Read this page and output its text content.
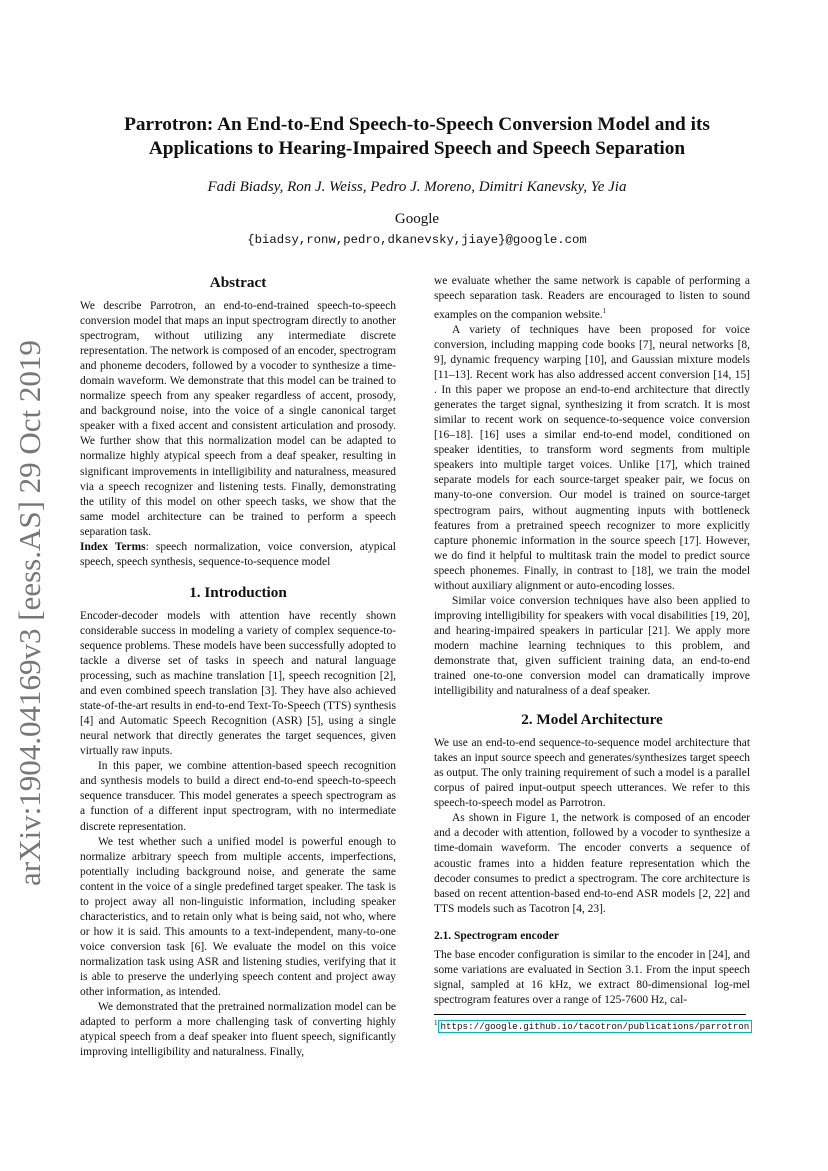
arXiv:1904.04169v3 [eess.AS] 29 Oct 2019
Parrotron: An End-to-End Speech-to-Speech Conversion Model and its Applications to Hearing-Impaired Speech and Speech Separation
Fadi Biadsy, Ron J. Weiss, Pedro J. Moreno, Dimitri Kanevsky, Ye Jia
Google
{biadsy,ronw,pedro,dkanevsky,jiaye}@google.com
Abstract

We describe Parrotron, an end-to-end-trained speech-to-speech conversion model that maps an input spectrogram directly to another spectrogram, without utilizing any intermediate discrete representation. The network is composed of an encoder, spectrogram and phoneme decoders, followed by a vocoder to synthesize a time-domain waveform. We demonstrate that this model can be trained to normalize speech from any speaker regardless of accent, prosody, and background noise, into the voice of a single canonical target speaker with a fixed accent and consistent articulation and prosody. We further show that this normalization model can be adapted to normalize highly atypical speech from a deaf speaker, resulting in significant improvements in intelligibility and naturalness, measured via a speech recognizer and listening tests. Finally, demonstrating the utility of this model on other speech tasks, we show that the same model architecture can be trained to perform a speech separation task.

Index Terms: speech normalization, voice conversion, atypical speech, speech synthesis, sequence-to-sequence model

1. Introduction

Encoder-decoder models with attention have recently shown considerable success in modeling a variety of complex sequence-to-sequence problems. These models have been successfully adopted to tackle a diverse set of tasks in speech and natural language processing, such as machine translation [1], speech recognition [2], and even combined speech translation [3]. They have also achieved state-of-the-art results in end-to-end Text-To-Speech (TTS) synthesis [4] and Automatic Speech Recognition (ASR) [5], using a single neural network that directly generates the target sequences, given virtually raw inputs.

In this paper, we combine attention-based speech recognition and synthesis models to build a direct end-to-end speech-to-speech sequence transducer. This model generates a speech spectrogram as a function of a different input spectrogram, with no intermediate discrete representation.

We test whether such a unified model is powerful enough to normalize arbitrary speech from multiple accents, imperfections, potentially including background noise, and generate the same content in the voice of a single predefined target speaker. The task is to project away all non-linguistic information, including speaker characteristics, and to retain only what is being said, not who, where or how it is said. This amounts to a text-independent, many-to-one voice conversion task [6]. We evaluate the model on this voice normalization task using ASR and listening studies, verifying that it is able to preserve the underlying speech content and project away other information, as intended.

We demonstrated that the pretrained normalization model can be adapted to perform a more challenging task of converting highly atypical speech from a deaf speaker into fluent speech, significantly improving intelligibility and naturalness. Finally,

we evaluate whether the same network is capable of performing a speech separation task. Readers are encouraged to listen to sound examples on the companion website.$^1$

A variety of techniques have been proposed for voice conversion, including mapping code books [7], neural networks [8, 9], dynamic frequency warping [10], and Gaussian mixture models [11–13]. Recent work has also addressed accent conversion [14, 15] . In this paper we propose an end-to-end architecture that directly generates the target signal, synthesizing it from scratch. It is most similar to recent work on sequence-to-sequence voice conversion [16–18]. [16] uses a similar end-to-end model, conditioned on speaker identities, to transform word segments from multiple speakers into multiple target voices. Unlike [17], which trained separate models for each source-target speaker pair, we focus on many-to-one conversion. Our model is trained on source-target spectrogram pairs, without augmenting inputs with bottleneck features from a pretrained speech recognizer to more explicitly capture phonemic information in the source speech [17]. However, we do find it helpful to multitask train the model to predict source speech phonemes. Finally, in contrast to [18], we train the model without auxiliary alignment or auto-encoding losses.

Similar voice conversion techniques have also been applied to improving intelligibility for speakers with vocal disabilities [19, 20], and hearing-impaired speakers in particular [21]. We apply more modern machine learning techniques to this problem, and demonstrate that, given sufficient training data, an end-to-end trained one-to-one conversion model can dramatically improve intelligibility and naturalness of a deaf speaker.

2. Model Architecture

We use an end-to-end sequence-to-sequence model architecture that takes an input source speech and generates/synthesizes target speech as output. The only training requirement of such a model is a parallel corpus of paired input-output speech utterances. We refer to this speech-to-speech model as Parrotron.

As shown in Figure 1, the network is composed of an encoder and a decoder with attention, followed by a vocoder to synthesize a time-domain waveform. The encoder converts a sequence of acoustic frames into a hidden feature representation which the decoder consumes to predict a spectrogram. The core architecture is based on recent attention-based end-to-end ASR models [2, 22] and TTS models such as Tacotron [4, 23].

2.1. Spectrogram encoder

The base encoder configuration is similar to the encoder in [24], and some variations are evaluated in Section 3.1. From the input speech signal, sampled at 16 kHz, we extract 80-dimensional log-mel spectrogram features over a range of 125-7600 Hz, cal-

$^1$ https://google.github.io/tacotron/publications/parrotron
